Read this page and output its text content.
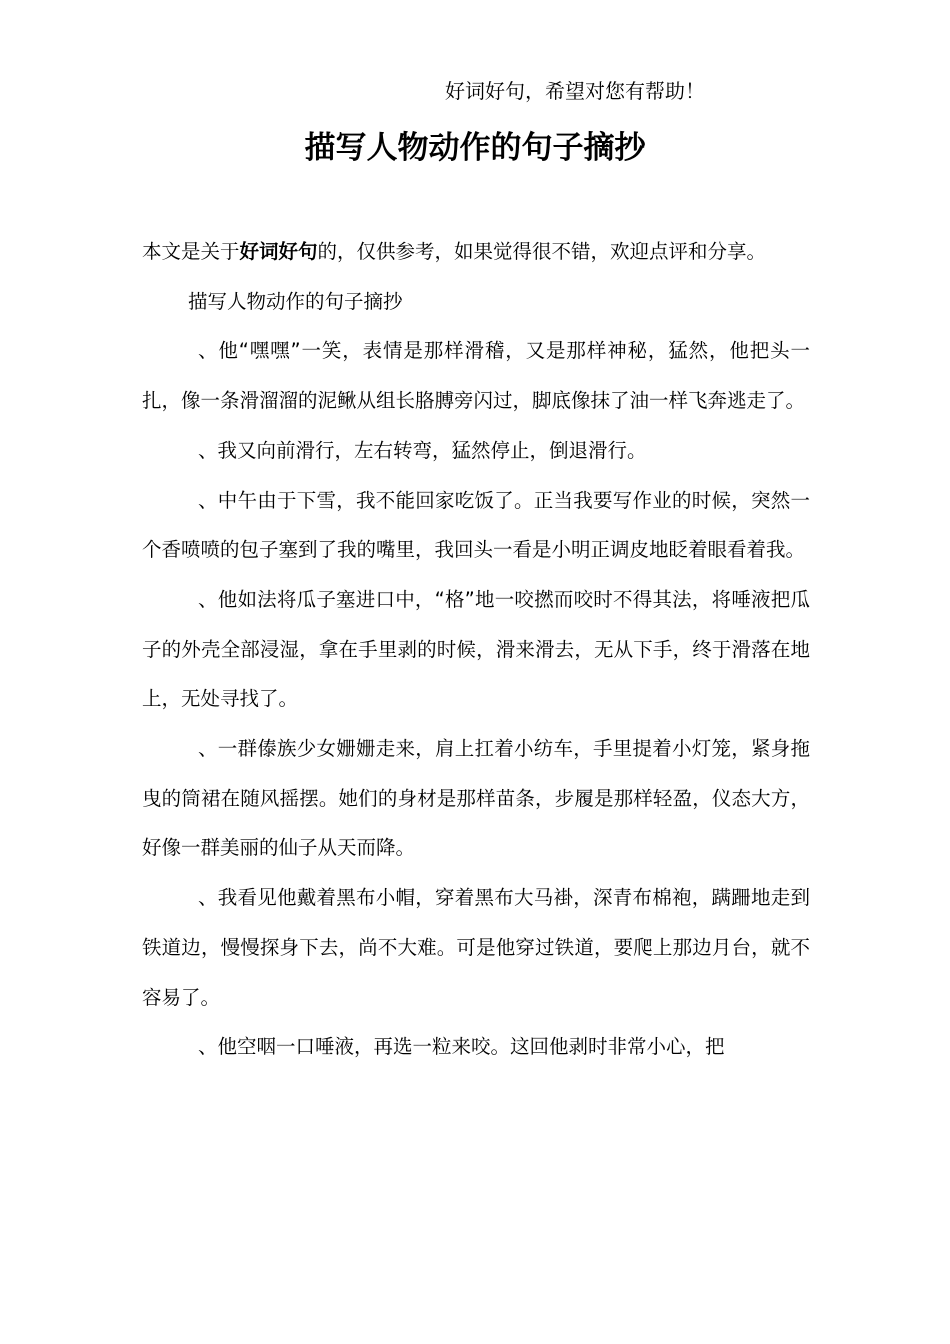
好词好句，希望对您有帮助！
描写人物动作的句子摘抄

本文是关于好词好句的，仅供参考，如果觉得很不错，欢迎点评和分享。

描写人物动作的句子摘抄

、他“嘿嘿”一笑，表情是那样滑稽，又是那样神秘，猛然，他把头一扎，像一条滑溜溜的泥鳅从组长胳膊旁闪过，脚底像抹了油一样飞奔逃走了。

、我又向前滑行，左右转弯，猛然停止，倒退滑行。

、中午由于下雪，我不能回家吃饭了。正当我要写作业的时候，突然一个香喷喷的包子塞到了我的嘴里，我回头一看是小明正调皮地眨着眼看着我。

、他如法将瓜子塞进口中，“格”地一咬撚而咬时不得其法，将唾液把瓜子的外壳全部浸湿，拿在手里剥的时候，滑来滑去，无从下手，终于滑落在地上，无处寻找了。

、一群傣族少女姗姗走来，肩上扛着小纺车，手里提着小灯笼，紧身拖曳的筒裙在随风摇摆。她们的身材是那样苗条，步履是那样轻盈，仪态大方，好像一群美丽的仙子从天而降。

、我看见他戴着黑布小帽，穿着黑布大马褂，深青布棉袍，蹒跚地走到铁道边，慢慢探身下去，尚不大难。可是他穿过铁道，要爬上那边月台，就不容易了。

、他空咽一口唾液，再选一粒来咬。这回他剥时非常小心，把
